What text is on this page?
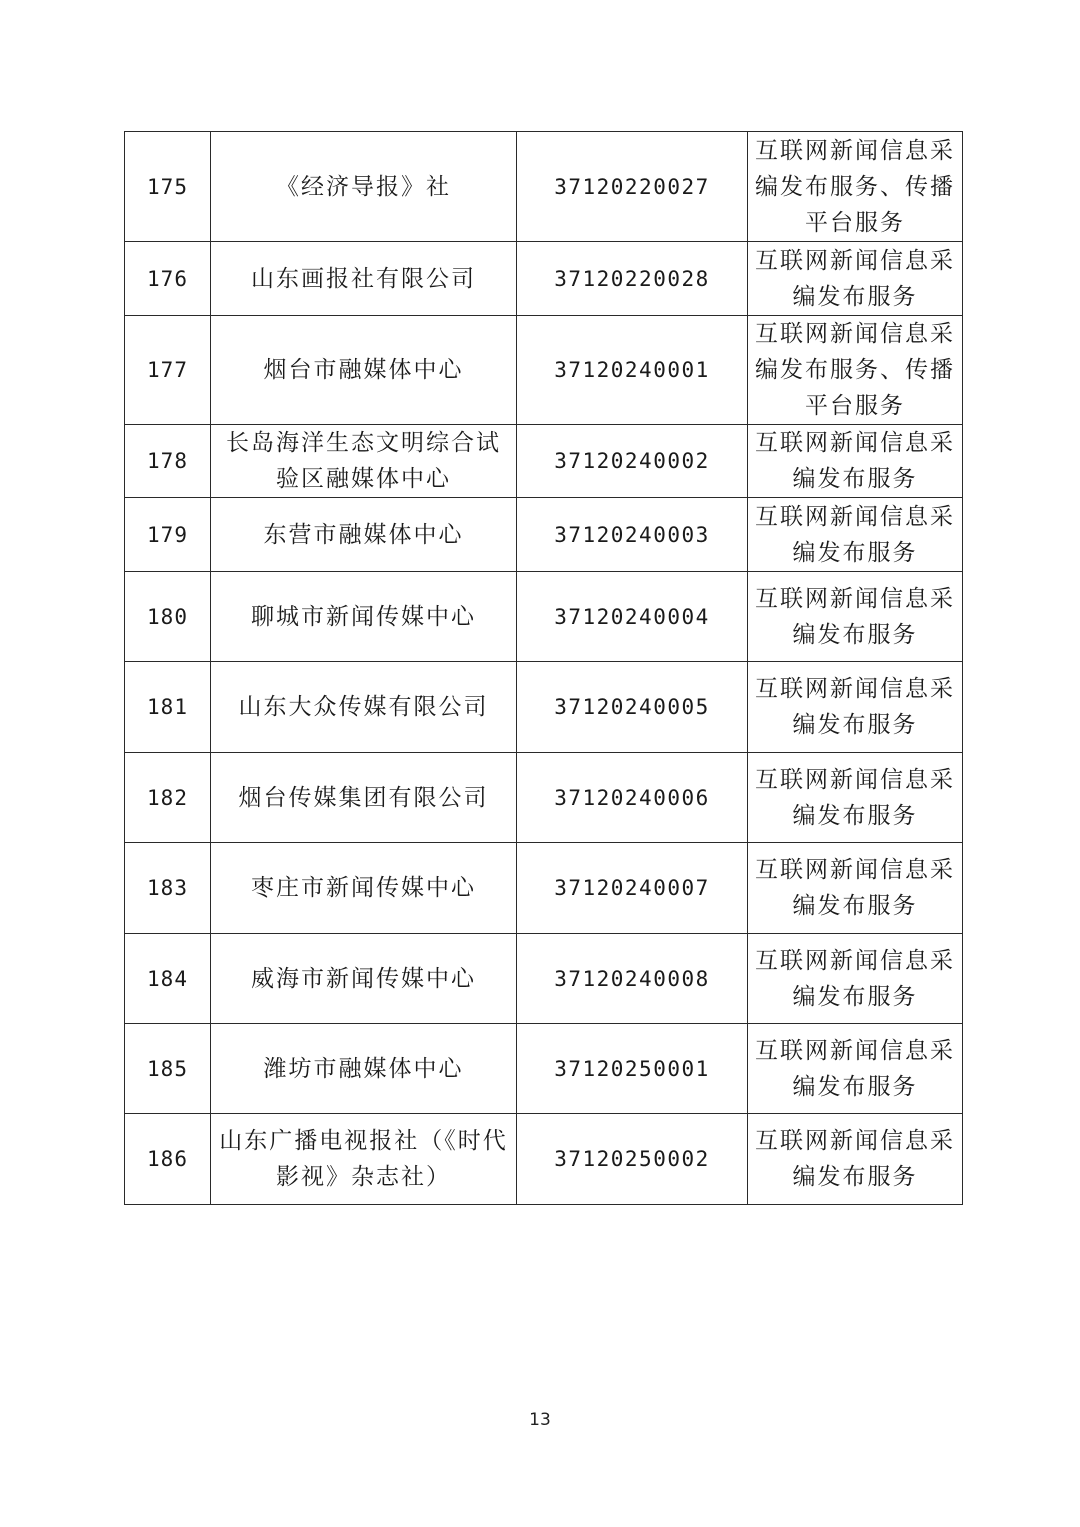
175	《经济导报》社	37120220027	互联网新闻信息采编发布服务、传播平台服务
176	山东画报社有限公司	37120220028	互联网新闻信息采编发布服务
177	烟台市融媒体中心	37120240001	互联网新闻信息采编发布服务、传播平台服务
178	长岛海洋生态文明综合试验区融媒体中心	37120240002	互联网新闻信息采编发布服务
179	东营市融媒体中心	37120240003	互联网新闻信息采编发布服务
180	聊城市新闻传媒中心	37120240004	互联网新闻信息采编发布服务
181	山东大众传媒有限公司	37120240005	互联网新闻信息采编发布服务
182	烟台传媒集团有限公司	37120240006	互联网新闻信息采编发布服务
183	枣庄市新闻传媒中心	37120240007	互联网新闻信息采编发布服务
184	威海市新闻传媒中心	37120240008	互联网新闻信息采编发布服务
185	潍坊市融媒体中心	37120250001	互联网新闻信息采编发布服务
186	山东广播电视报社（《时代影视》杂志社）	37120250002	互联网新闻信息采编发布服务
13
